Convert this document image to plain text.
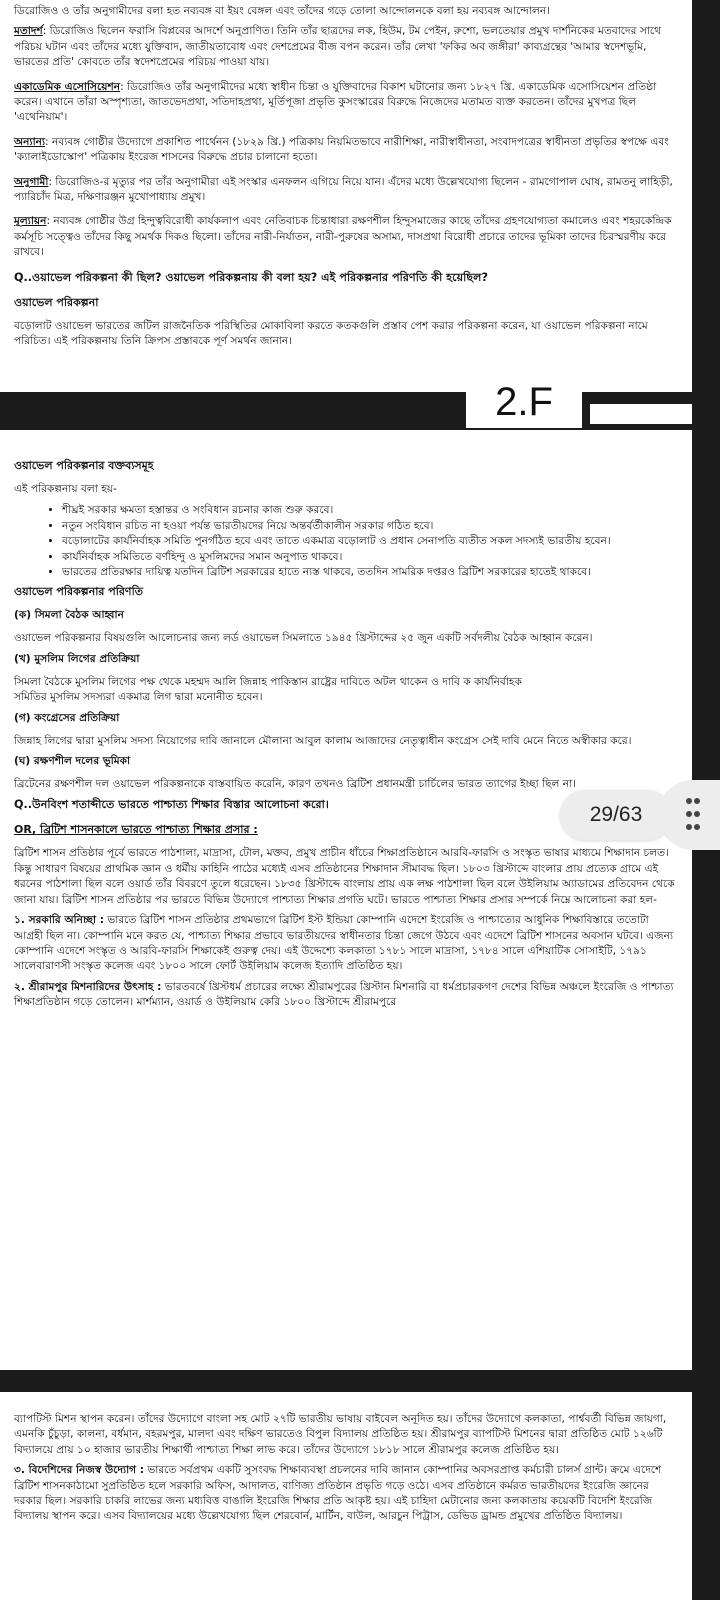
ডিরোজিও ও তাঁর অনুগামীদের বলা হত নব্যবঙ্গ বা ইয়ং বেঙ্গল এবং তাঁদের গড়ে তোলা আন্দোলনকে বলা হয় নব্যবঙ্গ আন্দোলন।

মতাদর্শ: ডিরোজিও ছিলেন ফরাসি বিপ্লবের আদর্শে অনুপ্রাণিত। তিনি তাঁর ছাত্রদের লক, হিউম, টম পেইন, রুশো, ভলতেয়ার প্রমুখ দার্শনিকের মতবাদের সাথে পরিচয় ঘটান এবং তাঁদের মধ্যে যুক্তিবাদ, জাতীয়তাবোধ এবং দেশপ্রেমের বীজ বপন করেন। তাঁর লেখা 'ফকির অব জঙ্গীরা' কাব্যগ্রন্থের 'আমার স্বদেশভূমি, ভারতের প্রতি' কোবতে তাঁর স্বদেশপ্রেমের পরিচয় পাওয়া যায়।

একাডেমিক এসোসিয়েশন: ডিরোজিও তাঁর অনুগামীদের মধ্যে স্বাধীন চিন্তা ও যুক্তিবাদের বিকাশ ঘটানোর জন্য ১৮২৭ খ্রি. একাডেমিক এসোসিয়েশন প্রতিষ্ঠা করেন। এখানে তাঁরা অস্পৃশ্যতা, জাতভেদপ্রথা, সতিদাহপ্রথা, মূর্তিপূজা প্রভৃতি কুসংস্কারের বিরুদ্ধে নিজেদের মতামত ব্যক্ত করতেন। তাঁদের মুখপত্র ছিল 'এথেনিয়াম'।

অন্যান্য: নব্যবঙ্গ গোষ্ঠীর উদ্যোগে প্রকাশিত পার্থেনন (১৮২৯ খ্রি.) পত্রিকায় নিয়মিতভাবে নারীশিক্ষা, নারীস্বাধীনতা, সংবাদপত্রের স্বাধীনতা প্রভৃতির স্বপক্ষে এবং 'ক্যালাইডোস্কোপ' পত্রিকায় ইংরেজ শাসনের বিরুদ্ধে প্রচার চালানো হতো।

অনুগামী: ডিরোজিও-র মৃত্যুর পর তাঁর অনুগামীরা এই সংস্কার এনফলন এগিয়ে নিয়ে যান। এঁদের মধ্যে উল্লেখযোগ্য ছিলেন - রামগোপাল ঘোষ, রামতনু লাহিড়ী, প্যারিচাঁদ মিত্র, দক্ষিণারঞ্জন মুখোপাধ্যায় প্রমুখ।

মূল্যায়ন: নব্যবঙ্গ গোষ্ঠীর উগ্র হিন্দুত্ববিরোধী কার্যকলাপ এবং নেতিবাচক চিন্তাধারা রক্ষণশীল হিন্দুসমাজের কাছে তাঁদের গ্রহণযোগ্যতা কমালেও এবং শহরকেন্দ্রিক কর্মসূচি সত্ত্বেও তাঁদের কিছু সমর্থক দিকও ছিলো। তাঁদের নারী-নির্যাতন, নারী-পুরুষের অসাম্য, দাসপ্রথা বিরোধী প্রচারে তাদের ভূমিকা তাদের চিরস্মরণীয় করে রাখবে।

Q..ওয়াভেল পরিকল্পনা কী ছিল? ওয়াভেল পরিকল্পনায় কী বলা হয়? এই পরিকল্পনার পরিণতি কী হয়েছিল?
ওয়াভেল পরিকল্পনা

বড়োলাট ওয়াভেল ভারতের জটিল রাজনৈতিক পরিস্থিতির মোকাবিলা করতে কতকগুলি প্রস্তাব পেশ করার পরিকল্পনা করেন, যা ওয়াভেল পরিকল্পনা নামে পরিচিত। এই পরিকল্পনায় তিনি ক্রিপস প্রস্তাবকে পূর্ণ সমর্থন জানান।

2.F
ওয়াভেল পরিকল্পনার বক্তব্যসমূহ

এই পরিকল্পনায় বলা হয়-

• শীঘ্রই সরকার ক্ষমতা হস্তান্তর ও সংবিধান রচনার কাজ শুরু করবে।
• নতুন সংবিধান রচিত না হওয়া পর্যন্ত ভারতীয়দের নিয়ে অন্তর্বর্তীকালীন সরকার গঠিত হবে।
• বড়োলাটের কার্যনির্বাহক সমিতি পুনর্গঠিত হবে এবং তাতে একমাত্র বড়োলাট ও প্রধান সেনাপতি ব্যতীত সকল সদস্যই ভারতীয় হবেন।
• কার্যনির্বাহক সমিতিতে বর্ণহিন্দু ও মুসলিমদের সমান অনুপাত থাকবে।
• ভারতের প্রতিরক্ষার দায়িত্ব যতদিন ব্রিটিশ সরকারের হাতে ন্যস্ত থাকবে, ততদিন সামরিক দপ্তরও ব্রিটিশ সরকারের হাতেই থাকবে।
ওয়াভেল পরিকল্পনার পরিণতি
(ক) সিমলা বৈঠক আহ্বান

ওয়াভেল পরিকল্পনার বিষয়গুলি আলোচনার জন্য লর্ড ওয়াভেল সিমলাতে ১৯৪৫ খ্রিস্টাব্দের ২৫ জুন একটি সর্বদলীয় বৈঠক আহ্বান করেন।

(খ) মুসলিম লিগের প্রতিক্রিয়া

সিমলা বৈঠকে মুসলিম লিগের পক্ষ থেকে মহম্মদ আলি জিন্নাহ পাকিস্তান রাষ্ট্রের দাবিতে অটল থাকেন ও দাবি ক কার্যনির্বাহক সমিতির মুসলিম সদস্যরা একমাত্র লিগ দ্বারা মনোনীত হবেন।

(গ) কংগ্রেসের প্রতিক্রিয়া

জিন্নাহ লিগের দ্বারা মুসলিম সদস্য নিয়োগের দাবি জানালে মৌলানা আবুল কালাম আজাদের নেতৃত্বাধীন কংগ্রেস সেই দাবি মেনে নিতে অস্বীকার করে।

(ঘ) রক্ষণশীল দলের ভূমিকা

ব্রিটেনের রক্ষণশীল দল ওয়াভেল পরিকল্পনাকে বাস্তবায়িত করেনি, কারণ তখনও ব্রিটিশ প্রধানমন্ত্রী চার্চিলের ভারত ত্যাগের ইচ্ছা ছিল না।

Q..উনবিংশ শতাব্দীতে ভারতে পাশ্চাত্য শিক্ষার বিস্তার আলোচনা করো।
OR, ব্রিটিশ শাসনকালে ভারতে পাশ্চাত্য শিক্ষার প্রসার :

ব্রিটিশ শাসন প্রতিষ্ঠার পূর্বে ভারতে পাঠশালা, মাদ্রাসা, টোল, মক্তব, প্রমুখ প্রাচীন ধাঁচের শিক্ষাপ্রতিষ্ঠানে আরবি-ফারসি ও সংস্কৃত ভাষার মাধ্যমে শিক্ষাদান চলত। কিন্তু সাধারণ বিষয়ের প্রাথমিক জ্ঞান ও ধর্মীয় কাহিনি পাঠের মধ্যেই এসব প্রতিষ্ঠানের শিক্ষাদান সীমাবদ্ধ ছিল। ১৮০৩ খ্রিস্টাব্দে বাংলার প্রায় প্রত্যেক গ্রামে এই ধরনের পাঠশালা ছিল বলে ওয়ার্ড তাঁর বিবরণে তুলে ধরেছেন। ১৮৩৫ খ্রিস্টাব্দে বাংলায় প্রায় এক লক্ষ পাঠশালা ছিল বলে উইলিয়াম অ্যাডামের প্রতিবেদন থেকে জানা যায়। ব্রিটিশ শাসন প্রতিষ্ঠার পর ভারতে বিভিন্ন উদ্যোগে পাশ্চাত্য শিক্ষার প্রগতি ঘটে। ভারতে পাশ্চাত্য শিক্ষার প্রসার সম্পর্কে নিম্নে আলোচনা করা হল-

১. সরকারি অনিচ্ছা : ভারতে ব্রিটিশ শাসন প্রতিষ্ঠার প্রথমভাগে ব্রিটিশ ইস্ট ইন্ডিয়া কোম্পানি এদেশে ইংরেজি ও পাশ্চাত্যের আধুনিক শিক্ষাবিস্তারে ততোটা আগ্রহী ছিল না। কোম্পানি মনে করত যে, পাশ্চাত্য শিক্ষার প্রভাবে ভারতীয়দের স্বাধীনতার চিন্তা জেগে উঠবে এবং এদেশে ব্রিটিশ শাসনের অবসান ঘটবে। এজন্য কোম্পানি এদেশে সংস্কৃত ও আরবি-ফারসি শিক্ষাকেই গুরুত্ব দেয়। এই উদ্দেশ্যে কলকাতা ১৭৮১ সালে মাদ্রাসা, ১৭৮৪ সালে এশিয়াটিক সোসাইটি, ১৭৯১ সালেবারাণসী সংস্কৃত কলেজ এবং ১৮০০ সালে ফোর্ট উইলিয়াম কলেজ ইত্যাদি প্রতিষ্ঠিত হয়।

২. শ্রীরামপুর মিশনারিদের উৎসাহ : ভারতবর্ষে খ্রিস্টধর্ম প্রচারের লক্ষ্যে শ্রীরামপুরের খ্রিস্টান মিশনারি বা ধর্মপ্রচারকগণ দেশের বিভিন্ন অঞ্চলে ইংরেজি ও পাশ্চাত্য শিক্ষাপ্রতিষ্ঠান গড়ে তোলেন। মার্শম্যান, ওয়ার্ড ও উইলিয়াম কেরি ১৮০০ খ্রিস্টাব্দে শ্রীরামপুরে

ব্যাপটিস্ট মিশন স্থাপন করেন। তাঁদের উদ্যোগে বাংলা সহ মোট ২৭টি ভারতীয় ভাষায় বাইবেল অনূদিত হয়। তাঁদের উদ্যোগে কলকাতা, পার্শ্ববর্তী বিভিন্ন জায়গা, এমনকি চুঁচুড়া, কালনা, বর্ধমান, বহরমপুর, মালদা এবং দক্ষিণ ভারতেও বিপুল বিদ্যালয় প্রতিষ্ঠিত হয়। শ্রীরামপুর ব্যাপটিস্ট মিশনের দ্বারা প্রতিষ্ঠিত মোট ১২৬টি বিদ্যালয়ে প্রায় ১০ হাজার ভারতীয় শিক্ষার্থী পাশ্চাত্য শিক্ষা লাভ করে। তাঁদের উদ্যোগে ১৮১৮ সালে শ্রীরামপুর কলেজ প্রতিষ্ঠিত হয়।

৩. বিদেশিদের নিজস্ব উদ্যোগ : ভারতে সর্বপ্রথম একটি সুসংবদ্ধ শিক্ষাব্যবস্থা প্রচলনের দাবি জানান কোম্পানির অবসরপ্রাপ্ত কর্মচারী চালর্স গ্রান্ট। ক্রমে এদেশে ব্রিটিশ শাসনকাঠামো সুপ্রতিষ্ঠিত হলে সরকারি অফিস, আদালত, বাণিজ্য প্রতিষ্ঠান প্রভৃতি গড়ে ওঠে। এসব প্রতিষ্ঠানে কর্মরত ভারতীয়দের ইংরেজি জ্ঞানের দরকার ছিল। সরকারি চাকরি লাভের জন্য মধ্যবিত্ত বাঙালি ইংরেজি শিক্ষার প্রতি আকৃষ্ট হয়। এই চাহিদা মেটানোর জন্য কলকাতায় কয়েকটি বিদেশি ইংরেজি বিদ্যালয় স্থাপন করে। এসব বিদ্যালয়ের মধ্যে উল্লেখযোগ্য ছিল শেরবোর্ন, মার্টিন, বাউল, আরচুন পিট্রাস, ডেভিড ড্রামন্ড প্রমুখের প্রতিষ্ঠিত বিদ্যালয়।

29/63
